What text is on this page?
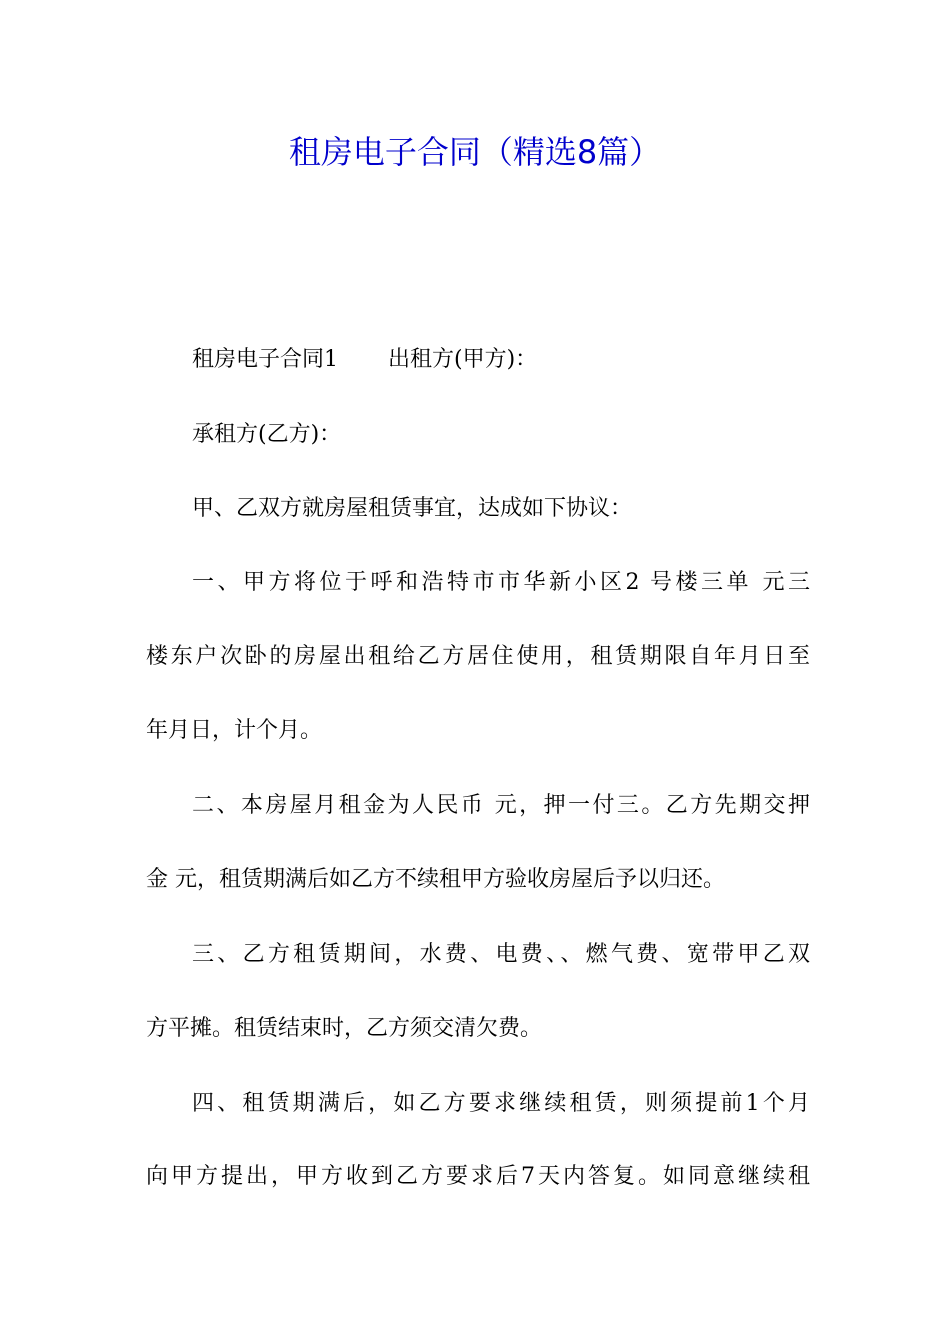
租房电子合同（精选8篇）

租房电子合同1 出租方(甲方)：

承租方(乙方)：

甲、乙双方就房屋租赁事宜，达成如下协议：

一、甲方将位于呼和浩特市市华新小区2 号楼三单 元三

楼东户次卧的房屋出租给乙方居住使用，租赁期限自年月日至

年月日，计个月。

二、本房屋月租金为人民币 元，押一付三。乙方先期交押

金 元，租赁期满后如乙方不续租甲方验收房屋后予以归还。

三、乙方租赁期间，水费、电费、、燃气费、宽带甲乙双

方平摊。租赁结束时，乙方须交清欠费。

四、租赁期满后，如乙方要求继续租赁，则须提前1个月

向甲方提出，甲方收到乙方要求后7天内答复。如同意继续租
